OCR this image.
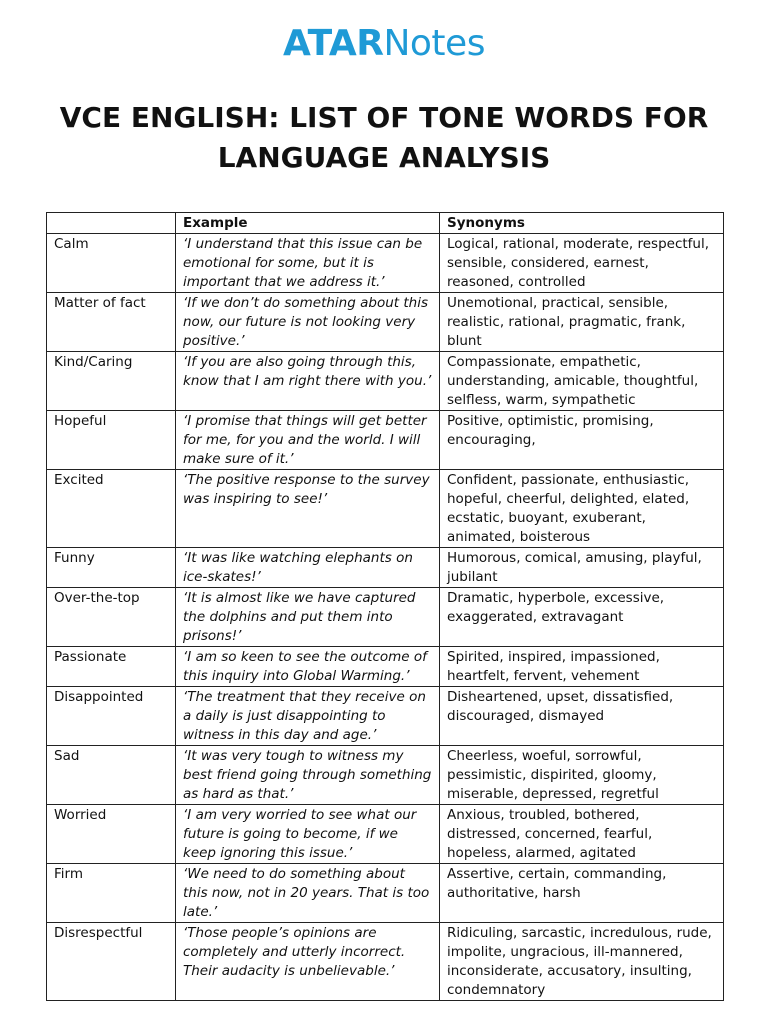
ATARNotes
VCE ENGLISH: LIST OF TONE WORDS FOR LANGUAGE ANALYSIS
	Example	Synonyms
Calm	‘I understand that this issue can be emotional for some, but it is important that we address it.’	Logical, rational, moderate, respectful, sensible, considered, earnest, reasoned, controlled
Matter of fact	‘If we don’t do something about this now, our future is not looking very positive.’	Unemotional, practical, sensible, realistic, rational, pragmatic, frank, blunt
Kind/Caring	‘If you are also going through this, know that I am right there with you.’	Compassionate, empathetic, understanding, amicable, thoughtful, selfless, warm, sympathetic
Hopeful	‘I promise that things will get better for me, for you and the world. I will make sure of it.’	Positive, optimistic, promising, encouraging,
Excited	‘The positive response to the survey was inspiring to see!’	Confident, passionate, enthusiastic, hopeful, cheerful, delighted, elated, ecstatic, buoyant, exuberant, animated, boisterous
Funny	‘It was like watching elephants on ice-skates!’	Humorous, comical, amusing, playful, jubilant
Over-the-top	‘It is almost like we have captured the dolphins and put them into prisons!’	Dramatic, hyperbole, excessive, exaggerated, extravagant
Passionate	‘I am so keen to see the outcome of this inquiry into Global Warming.’	Spirited, inspired, impassioned, heartfelt, fervent, vehement
Disappointed	‘The treatment that they receive on a daily is just disappointing to witness in this day and age.’	Disheartened, upset, dissatisfied, discouraged, dismayed
Sad	‘It was very tough to witness my best friend going through something as hard as that.’	Cheerless, woeful, sorrowful, pessimistic, dispirited, gloomy, miserable, depressed, regretful
Worried	‘I am very worried to see what our future is going to become, if we keep ignoring this issue.’	Anxious, troubled, bothered, distressed, concerned, fearful, hopeless, alarmed, agitated
Firm	‘We need to do something about this now, not in 20 years. That is too late.’	Assertive, certain, commanding, authoritative, harsh
Disrespectful	‘Those people’s opinions are completely and utterly incorrect. Their audacity is unbelievable.’	Ridiculing, sarcastic, incredulous, rude, impolite, ungracious, ill-mannered, inconsiderate, accusatory, insulting, condemnatory
